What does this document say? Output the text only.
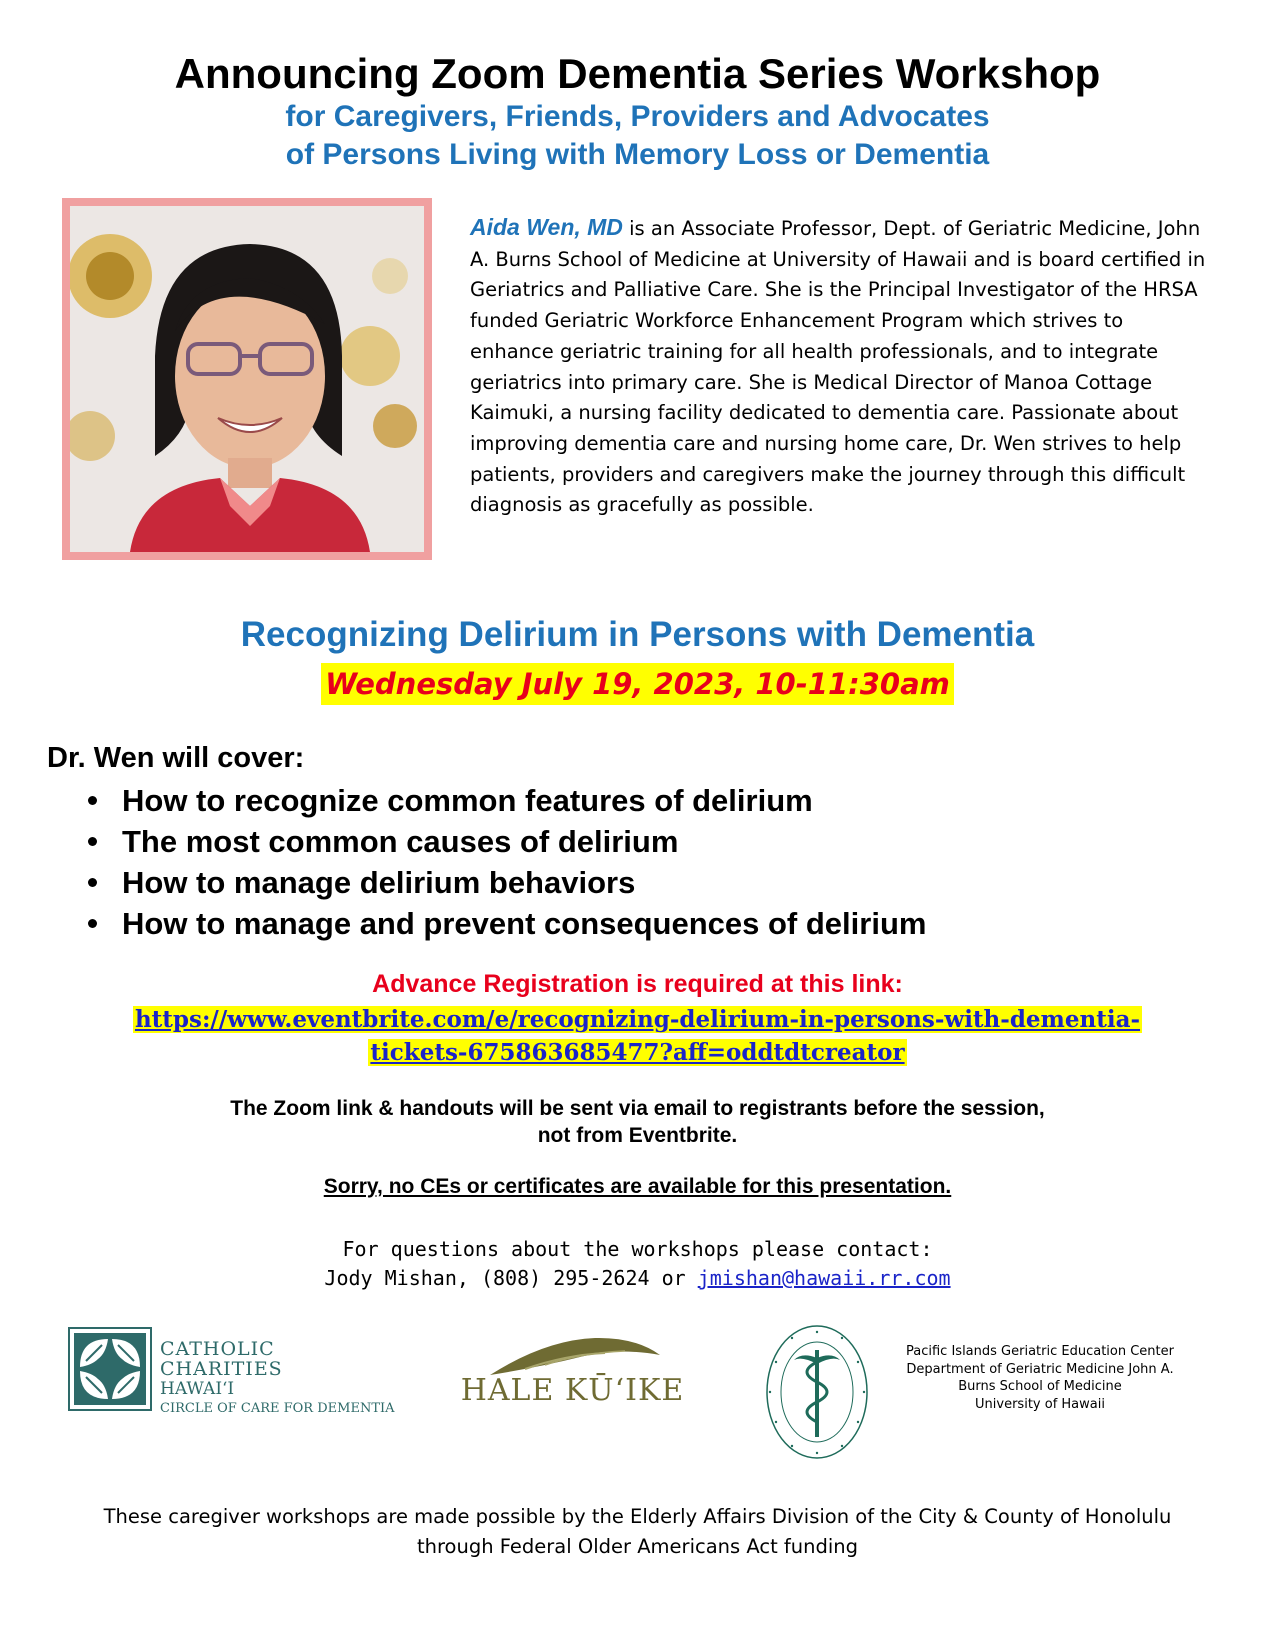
Announcing Zoom Dementia Series Workshop
for Caregivers, Friends, Providers and Advocates
of Persons Living with Memory Loss or Dementia
Aida Wen, MD is an Associate Professor, Dept. of Geriatric Medicine, John A. Burns School of Medicine at University of Hawaii and is board certified in Geriatrics and Palliative Care. She is the Principal Investigator of the HRSA funded Geriatric Workforce Enhancement Program which strives to enhance geriatric training for all health professionals, and to integrate geriatrics into primary care. She is Medical Director of Manoa Cottage Kaimuki, a nursing facility dedicated to dementia care. Passionate about improving dementia care and nursing home care, Dr. Wen strives to help patients, providers and caregivers make the journey through this difficult diagnosis as gracefully as possible.
Recognizing Delirium in Persons with Dementia
Wednesday July 19, 2023, 10-11:30am
Dr. Wen will cover:
How to recognize common features of delirium
The most common causes of delirium
How to manage delirium behaviors
How to manage and prevent consequences of delirium
Advance Registration is required at this link:
https://www.eventbrite.com/e/recognizing-delirium-in-persons-with-dementia-
tickets-675863685477?aff=oddtdtcreator
The Zoom link & handouts will be sent via email to registrants before the session,
not from Eventbrite.
Sorry, no CEs or certificates are available for this presentation.
For questions about the workshops please contact:
Jody Mishan, (808) 295-2624 or jmishan@hawaii.rr.com
CATHOLIC CHARITIES
HAWAI‘I
CIRCLE OF CARE FOR DEMENTIA
HALE KŪ‘IKE
Pacific Islands Geriatric Education Center
Department of Geriatric Medicine John A.
Burns School of Medicine
University of Hawaii
These caregiver workshops are made possible by the Elderly Affairs Division of the City & County of Honolulu
through Federal Older Americans Act funding
